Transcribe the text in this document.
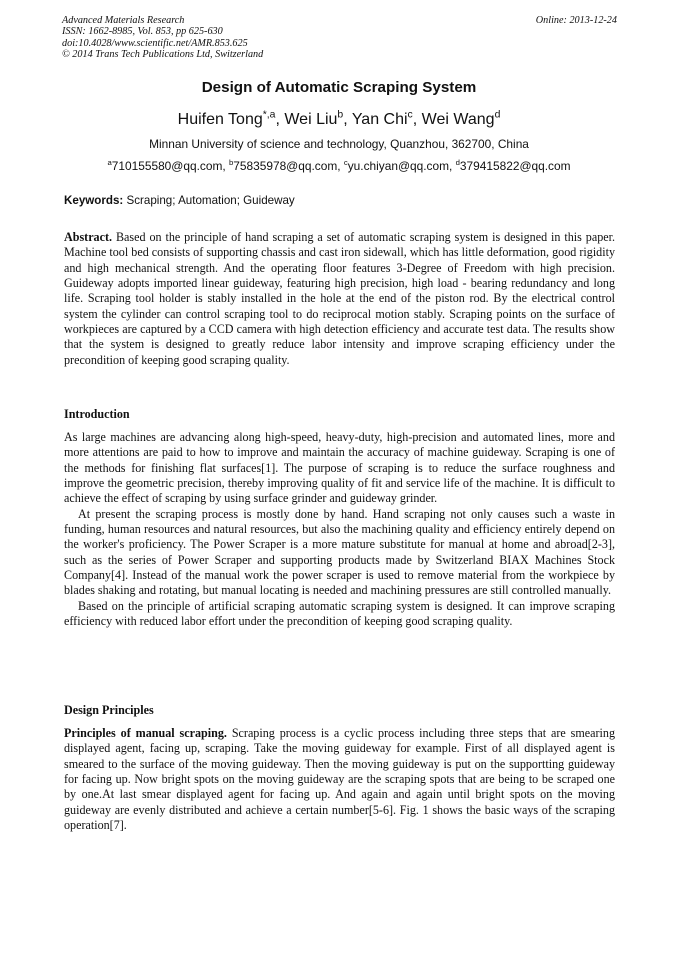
Advanced Materials Research
ISSN: 1662-8985, Vol. 853, pp 625-630
doi:10.4028/www.scientific.net/AMR.853.625
© 2014 Trans Tech Publications Ltd, Switzerland
Online: 2013-12-24
Design of Automatic Scraping System
Huifen Tong$^{*,a}$, Wei Liu$^b$, Yan Chi$^c$, Wei Wang$^d$
Minnan University of science and technology, Quanzhou, 362700, China
$^a$710155580@qq.com, $^b$75835978@qq.com, $^c$yu.chiyan@qq.com, $^d$379415822@qq.com
Keywords: Scraping; Automation; Guideway

Abstract. Based on the principle of hand scraping a set of automatic scraping system is designed in this paper. Machine tool bed consists of supporting chassis and cast iron sidewall, which has little deformation, good rigidity and high mechanical strength. And the operating floor features 3-Degree of Freedom with high precision. Guideway adopts imported linear guideway, featuring high precision, high load - bearing redundancy and long life. Scraping tool holder is stably installed in the hole at the end of the piston rod. By the electrical control system the cylinder can control scraping tool to do reciprocal motion stably. Scraping points on the surface of workpieces are captured by a CCD camera with high detection efficiency and accurate test data. The results show that the system is designed to greatly reduce labor intensity and improve scraping efficiency under the precondition of keeping good scraping quality.

Introduction

As large machines are advancing along high-speed, heavy-duty, high-precision and automated lines, more and more attentions are paid to how to improve and maintain the accuracy of machine guideway. Scraping is one of the methods for finishing flat surfaces[1]. The purpose of scraping is to reduce the surface roughness and improve the geometric precision, thereby improving quality of fit and service life of the machine. It is difficult to achieve the effect of scraping by using surface grinder and guideway grinder.

At present the scraping process is mostly done by hand. Hand scraping not only causes such a waste in funding, human resources and natural resources, but also the machining quality and efficiency entirely depend on the worker's proficiency. The Power Scraper is a more mature substitute for manual at home and abroad[2-3], such as the series of Power Scraper and supporting products made by Switzerland BIAX Machines Stock Company[4]. Instead of the manual work the power scraper is used to remove material from the workpiece by blades shaking and rotating, but manual locating is needed and machining pressures are still controlled manually.

Based on the principle of artificial scraping automatic scraping system is designed. It can improve scraping efficiency with reduced labor effort under the precondition of keeping good scraping quality.

Design Principles

Principles of manual scraping. Scraping process is a cyclic process including three steps that are smearing displayed agent, facing up, scraping. Take the moving guideway for example. First of all displayed agent is smeared to the surface of the moving guideway. Then the moving guideway is put on the supportting guideway for facing up. Now bright spots on the moving guideway are the scraping spots that are being to be scraped one by one.At last smear displayed agent for facing up. And again and again until bright spots on the moving guideway are evenly distributed and achieve a certain number[5-6]. Fig. 1 shows the basic ways of the scraping operation[7].
